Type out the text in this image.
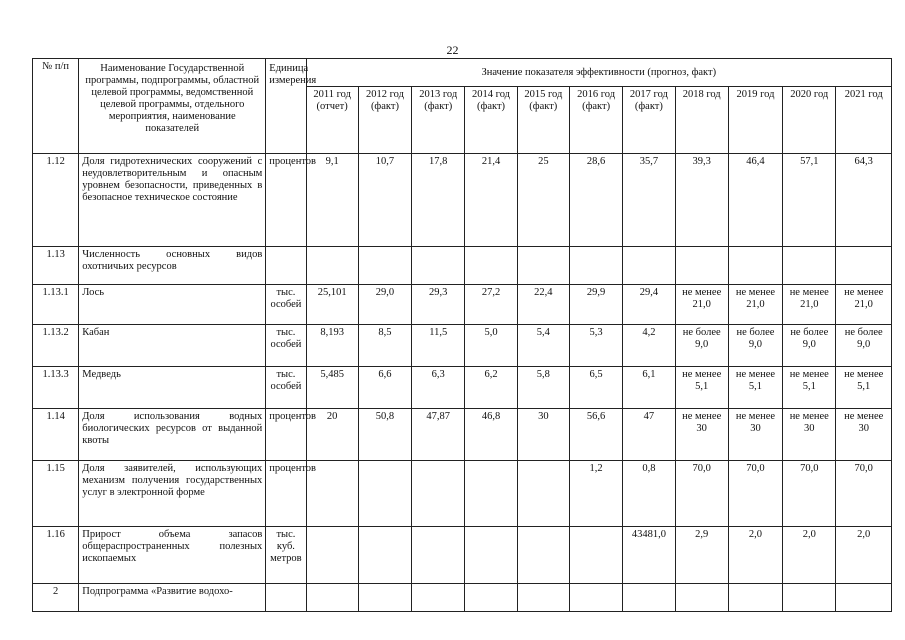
22
№ п/п	Наименование Государственной программы, подпрограммы, областной целевой программы, ведомственной целевой программы, отдельного мероприятия, наименование показателей	Единица измерения	Значение показателя эффективности (прогноз, факт)										
			2011 год (отчет)	2012 год (факт)	2013 год (факт)	2014 год (факт)	2015 год (факт)	2016 год (факт)	2017 год (факт)	2018 год	2019 год	2020 год	2021 год
1.12	Доля гидротехнических сооружений с неудовлетворительным и опасным уровнем безопасности, приведенных в безопасное техническое состояние	процентов	9,1	10,7	17,8	21,4	25	28,6	35,7	39,3	46,4	57,1	64,3
1.13	Численность основных видов охотничьих ресурсов												
1.13.1	Лось	тыс. особей	25,101	29,0	29,3	27,2	22,4	29,9	29,4	не менее 21,0	не менее 21,0	не менее 21,0	не менее 21,0
1.13.2	Кабан	тыс. особей	8,193	8,5	11,5	5,0	5,4	5,3	4,2	не более 9,0	не более 9,0	не более 9,0	не более 9,0
1.13.3	Медведь	тыс. особей	5,485	6,6	6,3	6,2	5,8	6,5	6,1	не менее 5,1	не менее 5,1	не менее 5,1	не менее 5,1
1.14	Доля использования водных биологических ресурсов от выданной квоты	процентов	20	50,8	47,87	46,8	30	56,6	47	не менее 30	не менее 30	не менее 30	не менее 30
1.15	Доля заявителей, использующих механизм получения государственных услуг в электронной форме	процентов						1,2	0,8	70,0	70,0	70,0	70,0
1.16	Прирост объема запасов общераспространенных полезных ископаемых	тыс. куб. метров							43481,0	2,9	2,0	2,0	2,0
2	Подпрограмма «Развитие водохо-												
